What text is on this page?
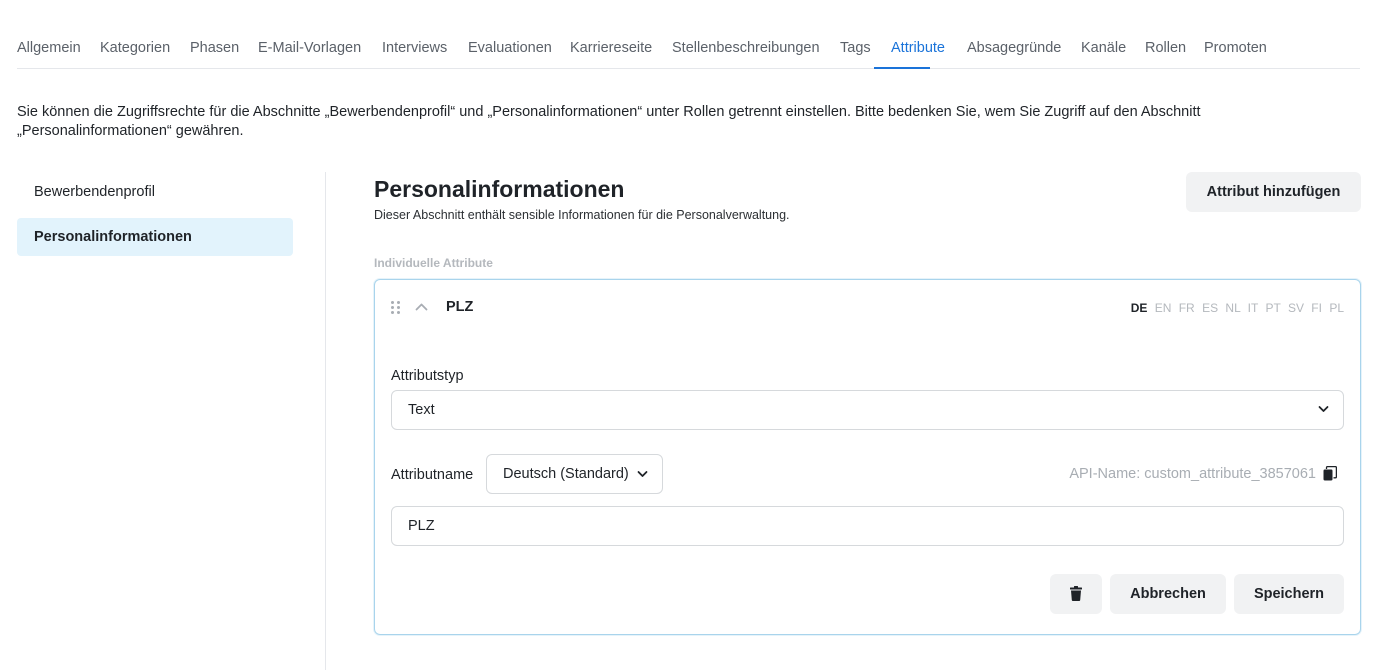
Allgemein Kategorien Phasen E-Mail-Vorlagen Interviews Evaluationen Karriereseite Stellenbeschreibungen Tags Attribute Absagegründe Kanäle Rollen Promoten

Sie können die Zugriffsrechte für die Abschnitte „Bewerbendenprofil“ und „Personalinformationen“ unter Rollen getrennt einstellen. Bitte bedenken Sie, wem Sie Zugriff auf den Abschnitt „Personalinformationen“ gewähren.

Bewerbendenprofil
Personalinformationen
Personalinformationen

Dieser Abschnitt enthält sensible Informationen für die Personalverwaltung.

Attribut hinzufügen
Individuelle Attribute
PLZ	DE EN FR ES NL IT PT SV FI PL
Attributstyp
Text
Attributname	Deutsch (Standard)	API-Name: custom_attribute_3857061
PLZ
Abbrechen	Speichern
